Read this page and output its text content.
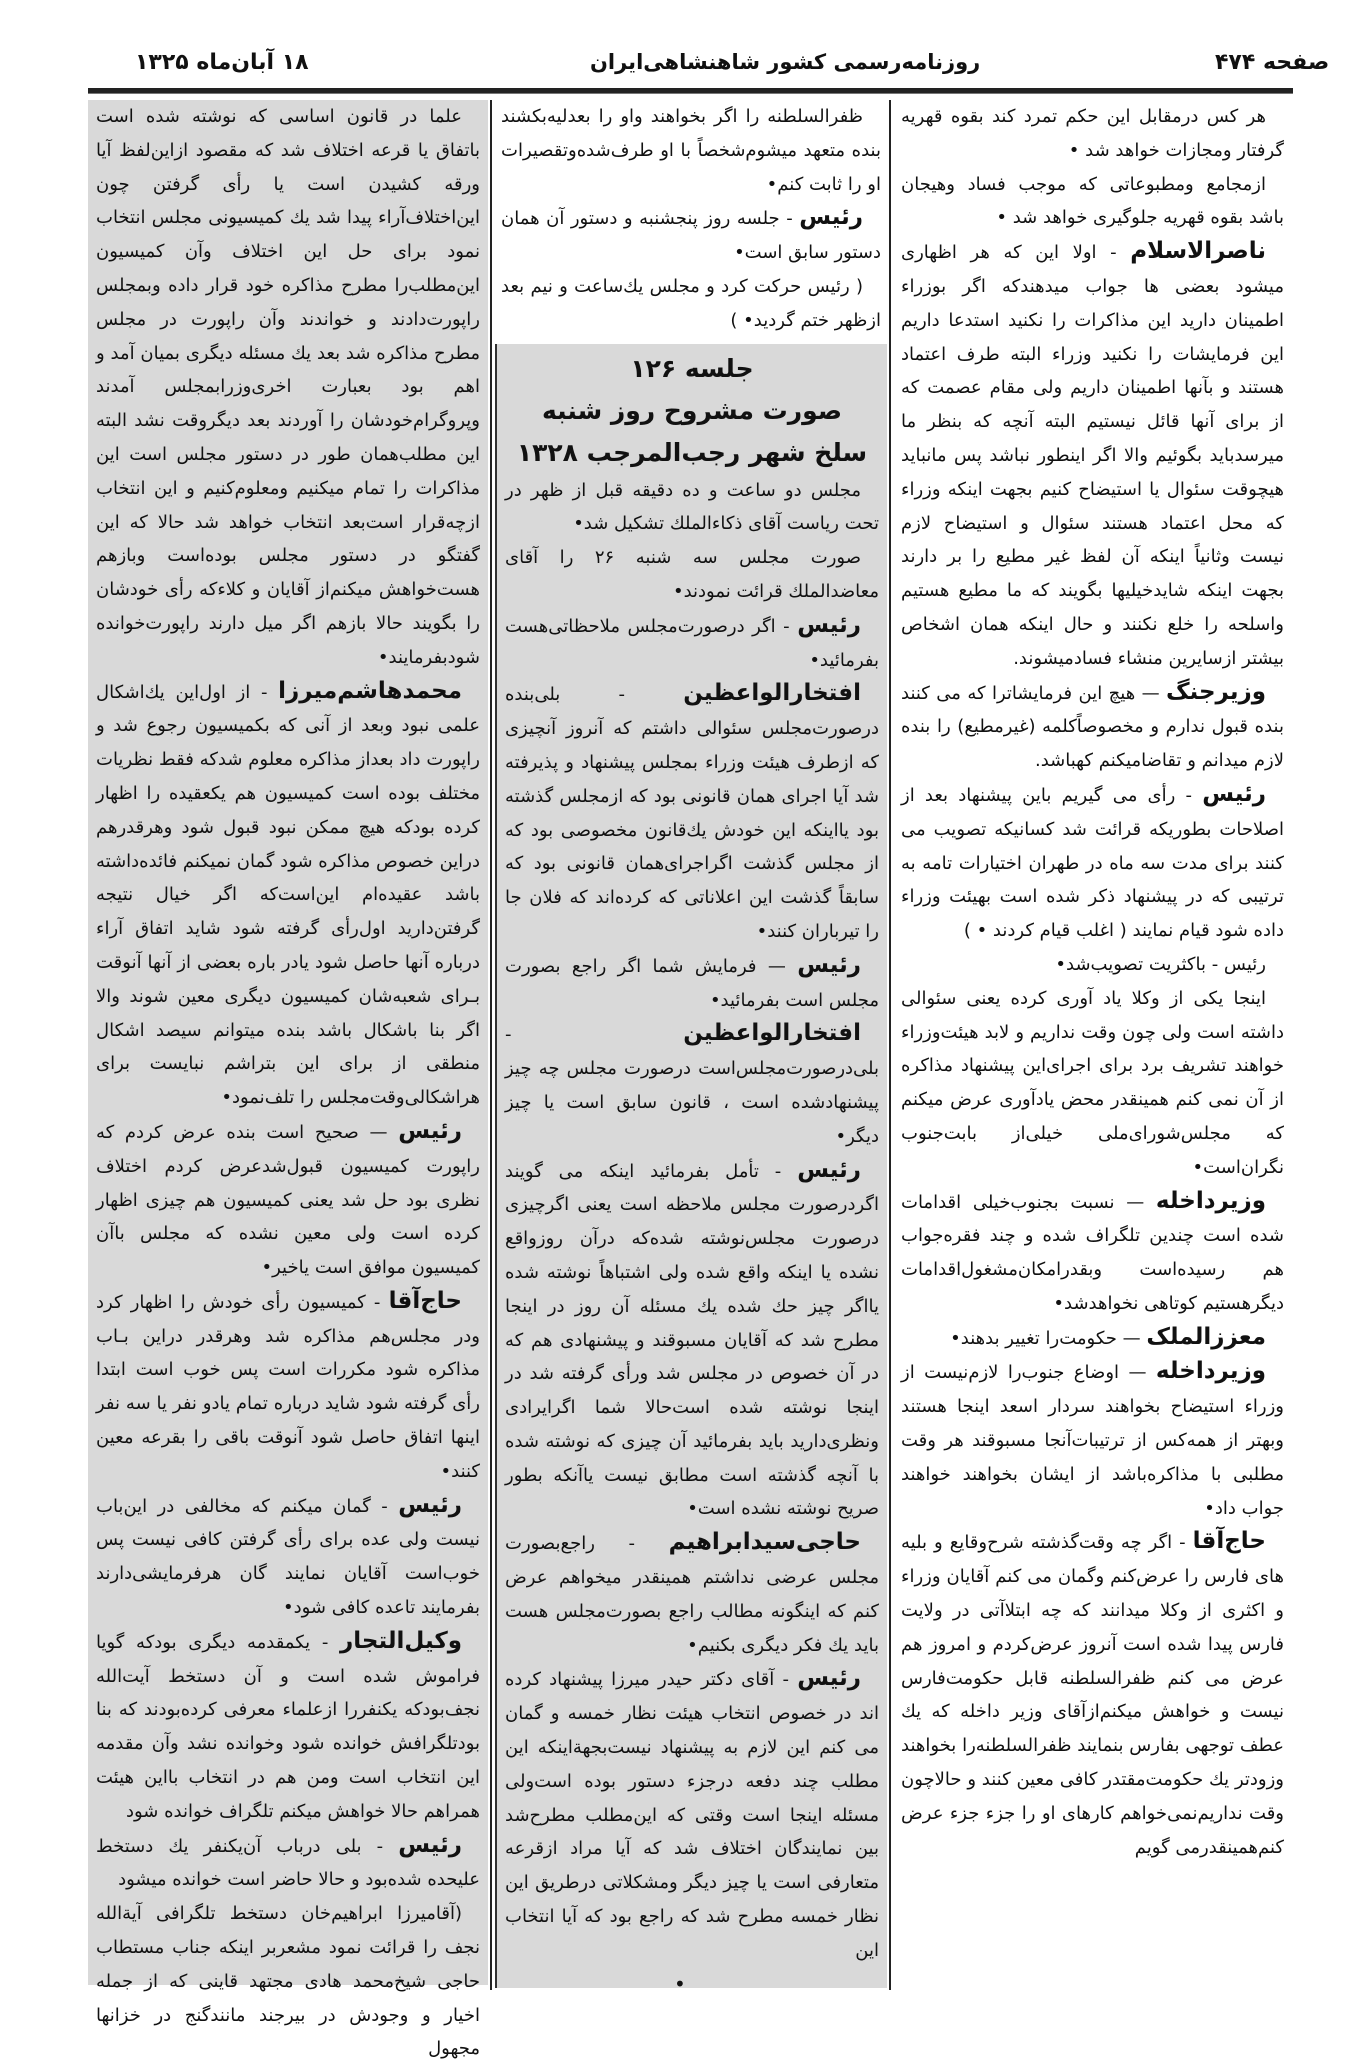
صفحه ۴۷۴
روزنامه‌رسمی کشور شاهنشاهی‌ایران
۱۸ آبان‌ماه ۱۳۲۵

هر کس درمقابل این حکم تمرد کند بقوه قهریه گرفتار ومجازات خواهد شد •

ازمجامع ومطبوعاتی که موجب فساد وهیجان باشد بقوه قهریه جلوگیری خواهد شد •

ناصرالاسلام - اولا این که هر اظهاری میشود بعضی ها جواب میدهندکه اگر بوزراء اطمینان دارید این مذاکرات را نکنید استدعا داریم این فرمایشات را نکنید وزراء البته طرف اعتماد هستند و بآنها اطمینان داریم ولی مقام عصمت که از برای آنها قائل نیستیم البته آنچه که بنظر ما میرسدباید بگوئیم والا اگر اینطور نباشد پس مانباید هیچوقت سئوال یا استیضاح کنیم بجهت اینکه وزراء که محل اعتماد هستند سئوال و استیضاح لازم نیست وثانیاً اینکه آن لفظ غیر مطیع را بر دارند بجهت اینکه شایدخیلیها بگویند که ما مطیع هستیم واسلحه را خلع نکنند و حال اینکه همان اشخاص بیشتر ازسایرین منشاء فسادمیشوند.

وزیرجنگ — هیچ این فرمایشاترا که می کنند بنده قبول ندارم و مخصوصاًکلمه (غیرمطیع) را بنده لازم میدانم و تقاضامیکنم کهباشد.

رئیس - رأی می گیریم باین پیشنهاد بعد از اصلاحات بطوریکه قرائت شد کسانیکه تصویب می کنند برای مدت سه ماه در طهران اختیارات تامه به ترتیبی که در پیشنهاد ذکر شده است بهیئت وزراء داده شود قیام نمایند ( اغلب قیام کردند • )

رئیس - باکثریت تصویب‌شد•

اینجا یکی از وکلا یاد آوری کرده یعنی سئوالی داشته است ولی چون وقت نداریم و لابد هیئت‌وزراء خواهند تشریف برد برای اجرای‌این پیشنهاد مذاکره از آن نمی کنم همینقدر محض یادآوری عرض میکنم که مجلس‌شورای‌ملی خیلی‌از بابت‌جنوب نگران‌است•

وزیرداخله — نسبت بجنوب‌خیلی اقدامات شده است چندین تلگراف شده و چند فقره‌جواب هم رسیده‌است وبقدرامکان‌مشغول‌اقدامات دیگرهستیم کوتاهی نخواهدشد•

معززالملک — حکومت‌را تغییر بدهند•

وزیرداخله — اوضاع جنوب‌را لازم‌نیست از وزراء استیضاح بخواهند سردار اسعد اینجا هستند وبهتر از همه‌کس از ترتیبات‌آنجا مسبوقند هر وقت مطلبی با مذاکره‌باشد از ایشان بخواهند خواهند جواب داد•

حاج‌آقا - اگر چه وقت‌گذشته شرح‌وقایع و بلیه های فارس را عرض‌کنم وگمان می کنم آقایان وزراء و اکثری از وکلا میدانند که چه ابتلاآتی در ولایت فارس پیدا شده است آنروز عرض‌کردم و امروز هم عرض می کنم ظفرالسلطنه قابل حکومت‌فارس نیست و خواهش میکنم‌ازآقای وزیر داخله که یك عطف توجهی بفارس بنمایند ظفرالسلطنه‌را بخواهند وزودتر یك حکومت‌مقتدر کافی معین کنند و حالاچون وقت نداریم‌نمی‌خواهم کارهای او را جزء جزء عرض کنم‌همینقدرمی گویم

ظفرالسلطنه را اگر بخواهند واو را بعدلیه‌بکشند بنده متعهد میشوم‌شخصاً با او طرف‌شده‌وتقصیرات او را ثابت کنم•

رئیس - جلسه روز پنجشنبه و دستور آن همان دستور سابق است•

( رئیس حرکت کرد و مجلس یك‌ساعت و نیم بعد ازظهر ختم گردید• )

جلسه ۱۲۶

صورت مشروح روز شنبه

سلخ شهر رجب‌المرجب ۱۳۲۸

مجلس دو ساعت و ده دقیقه قبل از ظهر در تحت ریاست آقای ذکاء‌الملك تشکیل شد•

صورت مجلس سه شنبه ۲۶ را آقای معاضدالملك قرائت نمودند•

رئیس - اگر درصورت‌مجلس ملاحظاتی‌هست بفرمائید•

افتخارالواعظین - بلی‌بنده درصورت‌مجلس سئوالی داشتم که آنروز آنچیزی که ازطرف هیئت وزراء بمجلس پیشنهاد و پذیرفته شد آیا اجرای همان قانونی بود که ازمجلس گذشته بود یااینکه این خودش یك‌قانون مخصوصی بود که از مجلس گذشت اگراجرای‌همان قانونی بود که سابقاً گذشت این اعلاناتی که کرده‌اند که فلان جا را تیرباران کنند•

رئیس — فرمایش شما اگر راجع بصورت مجلس است بفرمائید•

افتخارالواعظین - بلی‌درصورت‌مجلس‌است درصورت مجلس چه چیز پیشنهادشده است ، قانون سابق است یا چیز دیگر•

رئیس - تأمل بفرمائید اینکه می گویند اگردرصورت مجلس ملاحظه است یعنی اگرچیزی درصورت مجلس‌نوشته شده‌که درآن روزواقع نشده یا اینکه واقع شده ولی اشتباهاً نوشته شده یااگر چیز حك شده یك مسئله آن روز در اینجا مطرح شد که آقایان مسبوقند و پیشنهادی هم که در آن خصوص در مجلس شد ورأی گرفته شد در اینجا نوشته شده است‌حالا شما اگرایرادی ونظری‌دارید باید بفرمائید آن چیزی که نوشته شده با آنچه گذشته است مطابق نیست یاآنکه بطور صریح نوشته نشده است•

حاجی‌سیدابراهیم - راجع‌بصورت مجلس عرضی نداشتم همینقدر میخواهم عرض کنم که اینگونه مطالب راجع بصورت‌مجلس هست باید یك فکر دیگری بکنیم•

رئیس - آقای دکتر حیدر میرزا پیشنهاد کرده اند در خصوص انتخاب هیئت نظار خمسه و گمان می کنم این لازم به پیشنهاد نیست‌بجهة‌اینکه این مطلب چند دفعه درجزء دستور بوده است‌ولی مسئله اینجا است وقتی که این‌مطلب مطرح‌شد بین نمایندگان اختلاف شد که آیا مراد ازقرعه متعارفی است یا چیز دیگر ومشکلاتی درطریق این نظار خمسه مطرح شد که راجع بود که آیا انتخاب این

علما در قانون اساسی که نوشته شده است باتفاق یا قرعه اختلاف شد که مقصود ازاین‌لفظ آیا ورقه کشیدن است یا رأی گرفتن چون این‌اختلاف‌آراء پیدا شد یك کمیسیونی مجلس انتخاب نمود برای حل این اختلاف وآن کمیسیون این‌مطلب‌را مطرح مذاکره خود قرار داده وبمجلس راپورت‌دادند و خواندند وآن راپورت در مجلس مطرح مذاکره شد بعد یك مسئله دیگری بمیان آمد و اهم بود بعبارت اخری‌وزرابمجلس آمدند وپروگرام‌خودشان را آوردند بعد دیگروقت نشد البته این مطلب‌همان طور در دستور مجلس است این مذاکرات را تمام میکنیم ومعلوم‌کنیم و این انتخاب ازچه‌قرار است‌بعد انتخاب خواهد شد حالا که این گفتگو در دستور مجلس بوده‌است وبازهم هست‌خواهش میکنم‌از آقایان و کلاءکه رأی خودشان را بگویند حالا بازهم اگر میل دارند راپورت‌خوانده شودبفرمایند•

محمدهاشم‌میرزا - از اول‌این یك‌اشکال علمی نبود وبعد از آنی که بکمیسیون رجوع شد و راپورت داد بعداز مذاکره معلوم شدکه فقط نظریات مختلف بوده است کمیسیون هم یکعقیده را اظهار کرده بودکه هیچ ممکن نبود قبول شود وهرقدرهم دراین خصوص مذاکره شود گمان نمیکنم فائده‌داشته باشد عقیده‌ام این‌است‌که اگر خیال نتیجه گرفتن‌دارید اول‌رأی گرفته شود شاید اتفاق آراء درباره آنها حاصل شود یادر باره بعضی از آنها آنوقت بـرای شعبه‌شان کمیسیون دیگری معین شوند والا اگر بنا باشکال باشد بنده میتوانم سیصد اشکال منطقی از برای این بتراشم نبایست برای هراشکالی‌وقت‌مجلس را تلف‌نمود•

رئیس — صحیح است بنده عرض کردم که راپورت کمیسیون قبول‌شدعرض کردم اختلاف نظری بود حل شد یعنی کمیسیون هم چیزی اظهار کرده است ولی معین نشده که مجلس باآن کمیسیون موافق است یاخیر•

حاج‌آقا - کمیسیون رأی خودش را اظهار کرد ودر مجلس‌هم مذاکره شد وهرقدر دراین بـاب مذاکره شود مکررات است پس خوب است ابتدا رأی گرفته شود شاید درباره تمام یادو نفر یا سه نفر اینها اتفاق حاصل شود آنوقت باقی را بقرعه معین کنند•

رئیس - گمان میکنم که مخالفی در این‌باب نیست ولی عده برای رأی گرفتن کافی نیست پس خوب‌است آقایان نمایند گان هرفرمایشی‌دارند بفرمایند تاعده کافی شود•

وکیل‌التجار - یکمقدمه دیگری بودکه گویا فراموش شده است و آن دستخط آیت‌الله نجف‌بودکه یکنفررا ازعلماء معرفی کرده‌بودند که بنا بودتلگرافش خوانده شود وخوانده نشد وآن مقدمه این انتخاب است ومن هم در انتخاب بااین هیئت همراهم حالا خواهش میکنم تلگراف خوانده شود

رئیس - بلی درباب آن‌یکنفر یك دستخط علیحده شده‌بود و حالا حاضر است خوانده میشود

(آقامیرزا ابراهیم‌خان دستخط تلگرافی آیةالله نجف را قرائت نمود مشعربر اینکه جناب مستطاب حاجی شیخ‌محمد هادی مجتهد قاینی که از جمله اخیار و وجودش در بیرجند مانندگنج در خزانها مجهول

•
